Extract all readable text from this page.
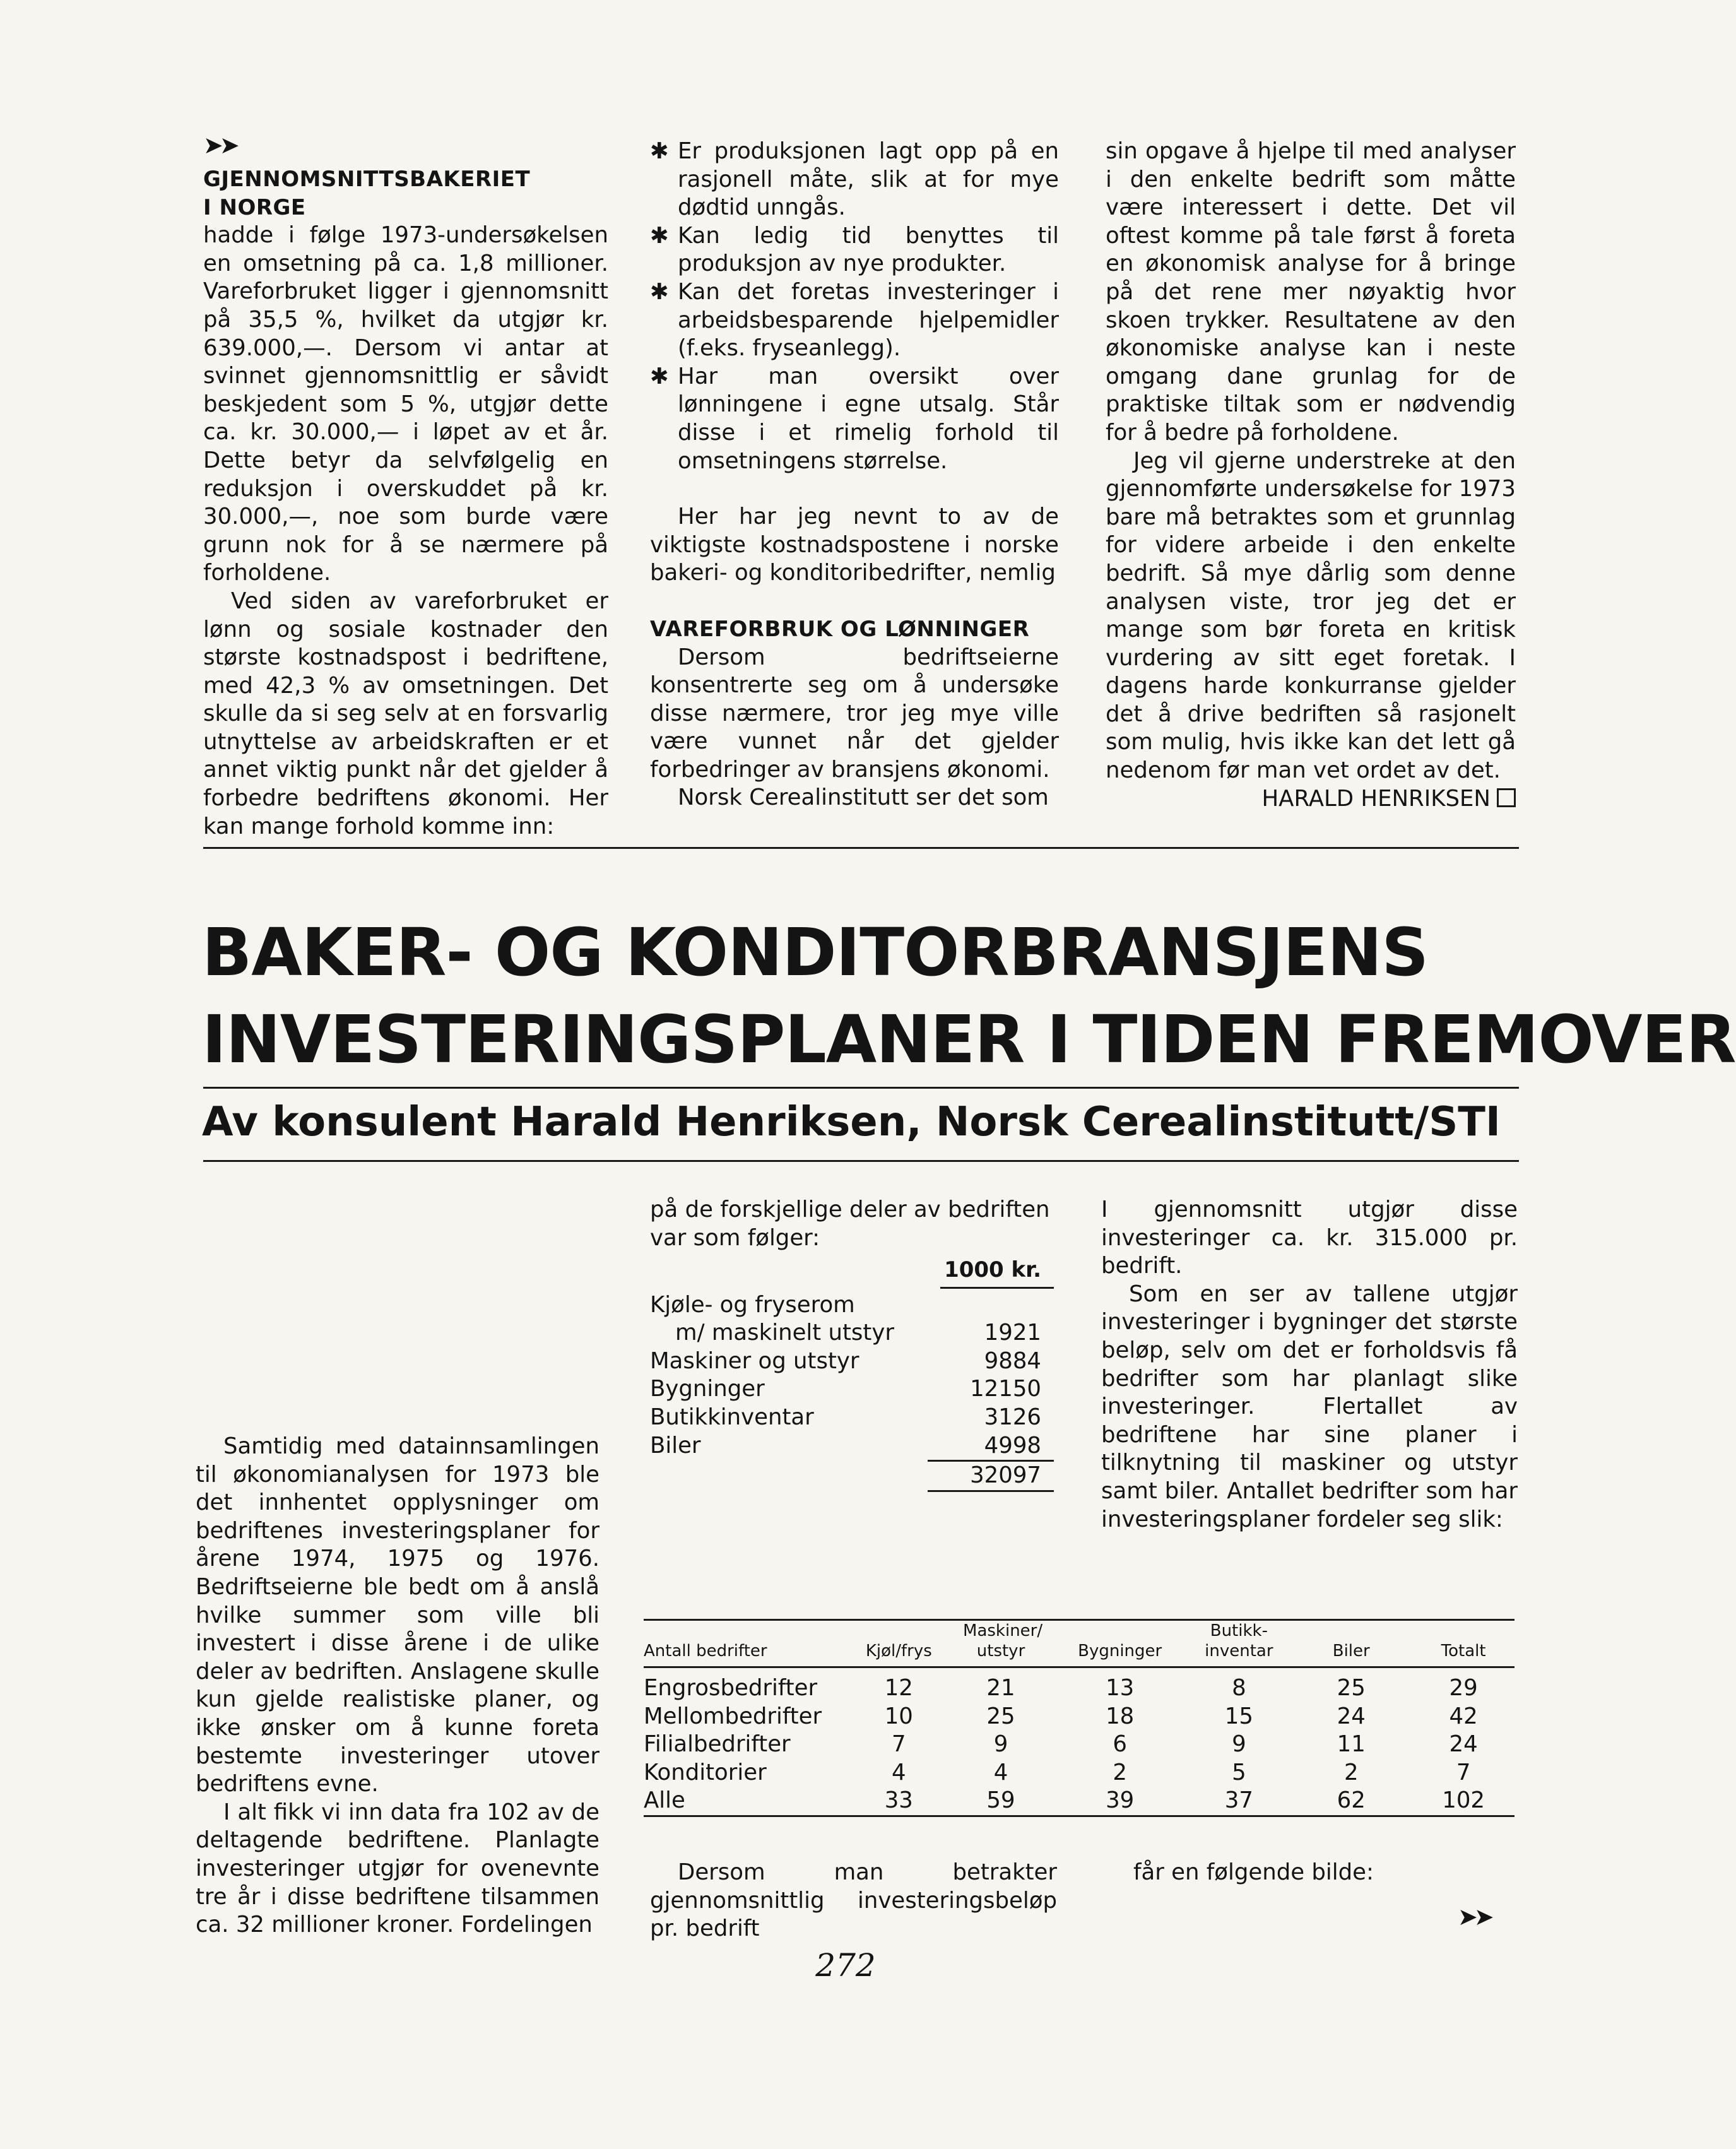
➤➤

GJENNOMSNITTSBAKERIET

I NORGE

hadde i følge 1973-undersøkelsen en omsetning på ca. 1,8 millioner. Vareforbruket ligger i gjennomsnitt på 35,5 %, hvilket da utgjør kr. 639.000,—. Dersom vi antar at svinnet gjennomsnittlig er såvidt beskjedent som 5 %, utgjør dette ca. kr. 30.000,— i løpet av et år. Dette betyr da selvfølgelig en reduksjon i overskuddet på kr. 30.000,—, noe som burde være grunn nok for å se nærmere på forholdene.

Ved siden av vareforbruket er lønn og sosiale kostnader den største kostnadspost i bedriftene, med 42,3 % av omsetningen. Det skulle da si seg selv at en forsvarlig utnyttelse av arbeidskraften er et annet viktig punkt når det gjelder å forbedre bedriftens økonomi. Her kan mange forhold komme inn:

✱ Er produksjonen lagt opp på en rasjonell måte, slik at for mye dødtid unngås.
✱ Kan ledig tid benyttes til produksjon av nye produkter.
✱ Kan det foretas investeringer i arbeidsbesparende hjelpemidler (f.eks. fryseanlegg).
✱ Har man oversikt over lønningene i egne utsalg. Står disse i et rimelig forhold til omsetningens størrelse.

Her har jeg nevnt to av de viktigste kostnadspostene i norske bakeri- og konditoribedrifter, nemlig

VAREFORBRUK OG LØNNINGER

Dersom bedriftseierne konsentrerte seg om å undersøke disse nærmere, tror jeg mye ville være vunnet når det gjelder forbedringer av bransjens økonomi.

Norsk Cerealinstitutt ser det som

sin opgave å hjelpe til med analyser i den enkelte bedrift som måtte være interessert i dette. Det vil oftest komme på tale først å foreta en økonomisk analyse for å bringe på det rene mer nøyaktig hvor skoen trykker. Resultatene av den økonomiske analyse kan i neste omgang dane grunlag for de praktiske tiltak som er nødvendig for å bedre på forholdene.

Jeg vil gjerne understreke at den gjennomførte undersøkelse for 1973 bare må betraktes som et grunnlag for videre arbeide i den enkelte bedrift. Så mye dårlig som denne analysen viste, tror jeg det er mange som bør foreta en kritisk vurdering av sitt eget foretak. I dagens harde konkurranse gjelder det å drive bedriften så rasjonelt som mulig, hvis ikke kan det lett gå nedenom før man vet ordet av det.

HARALD HENRIKSEN

BAKER- OG KONDITORBRANSJENS
INVESTERINGSPLANER I TIDEN FREMOVER
Av konsulent Harald Henriksen, Norsk Cerealinstitutt/STI

Samtidig med datainnsamlingen til økonomianalysen for 1973 ble det innhentet opplysninger om bedriftenes investeringsplaner for årene 1974, 1975 og 1976. Bedriftseierne ble bedt om å anslå hvilke summer som ville bli investert i disse årene i de ulike deler av bedriften. Anslagene skulle kun gjelde realistiske planer, og ikke ønsker om å kunne foreta bestemte investeringer utover bedriftens evne.

I alt fikk vi inn data fra 102 av de deltagende bedriftene. Planlagte investeringer utgjør for ovenevnte tre år i disse bedriftene tilsammen ca. 32 millioner kroner. Fordelingen

på de forskjellige deler av bedriften var som følger:

1000 kr.
Kjøle- og fryserom
m/ maskinelt utstyr	1921
Maskiner og utstyr	9884
Bygninger	12150
Butikkinventar	3126
Biler	4998
32097

I gjennomsnitt utgjør disse investeringer ca. kr. 315.000 pr. bedrift.

Som en ser av tallene utgjør investeringer i bygninger det største beløp, selv om det er forholdsvis få bedrifter som har planlagt slike investeringer. Flertallet av bedriftene har sine planer i tilknytning til maskiner og utstyr samt biler. Antallet bedrifter som har investeringsplaner fordeler seg slik:

Antall bedrifter	Kjøl/frys	Maskiner/ utstyr	Bygninger	Butikk- inventar	Biler	Totalt
Engrosbedrifter	12	21	13	8	25	29
Mellombedrifter	10	25	18	15	24	42
Filialbedrifter	7	9	6	9	11	24
Konditorier	4	4	2	5	2	7
Alle	33	59	39	37	62	102

Dersom man betrakter gjennomsnittlig investeringsbeløp pr. bedrift

får en følgende bilde:

➤➤
272
